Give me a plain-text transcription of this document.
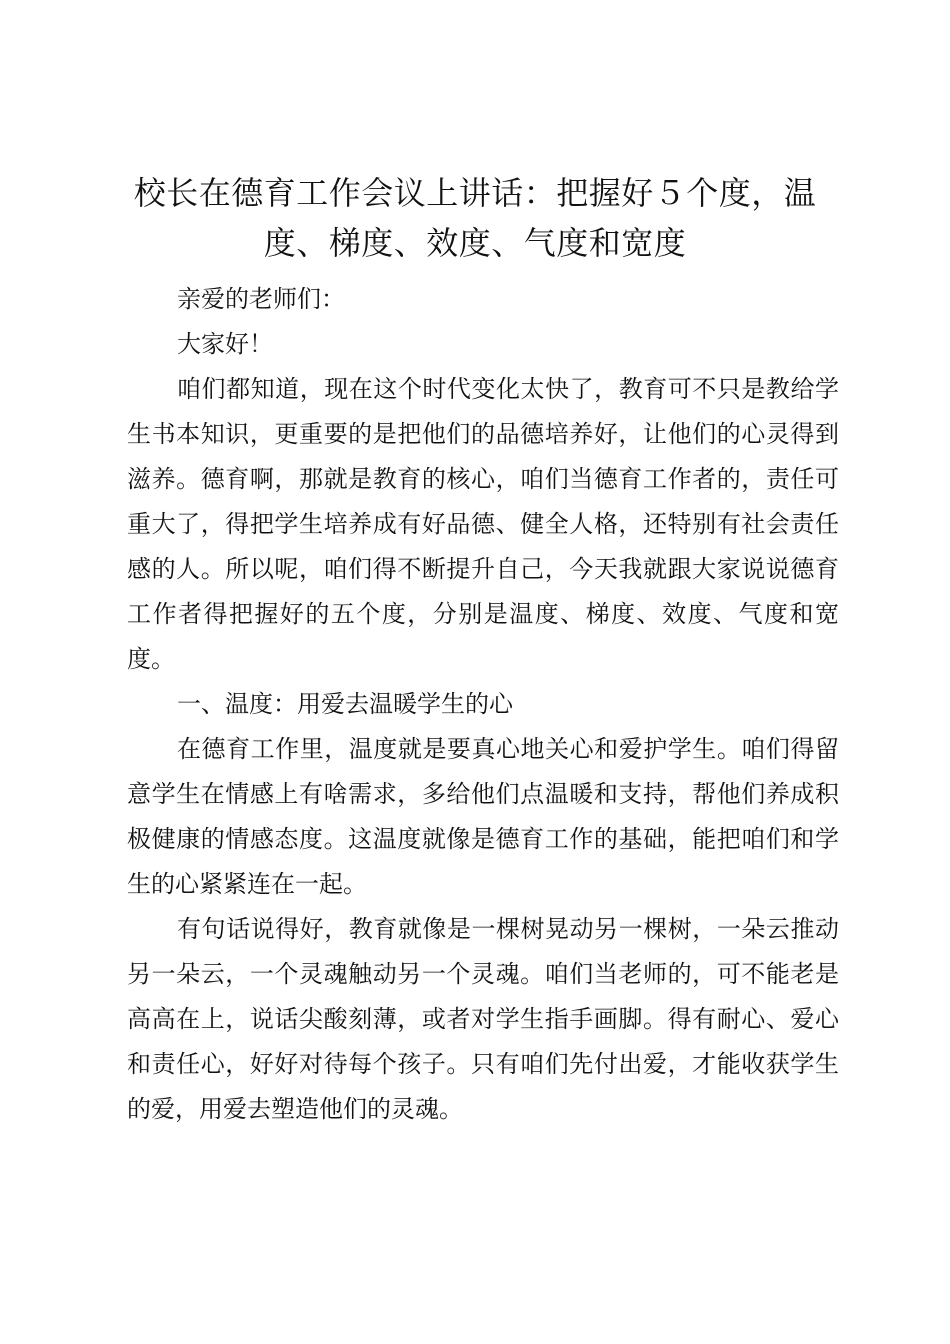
校长在德育工作会议上讲话：把握好５个度，温度、梯度、效度、气度和宽度

亲爱的老师们：

大家好！

咱们都知道，现在这个时代变化太快了，教育可不只是教给学生书本知识，更重要的是把他们的品德培养好，让他们的心灵得到滋养。德育啊，那就是教育的核心，咱们当德育工作者的，责任可重大了，得把学生培养成有好品德、健全人格，还特别有社会责任感的人。所以呢，咱们得不断提升自己，今天我就跟大家说说德育工作者得把握好的五个度，分别是温度、梯度、效度、气度和宽度。

一、温度：用爱去温暖学生的心

在德育工作里，温度就是要真心地关心和爱护学生。咱们得留意学生在情感上有啥需求，多给他们点温暖和支持，帮他们养成积极健康的情感态度。这温度就像是德育工作的基础，能把咱们和学生的心紧紧连在一起。

有句话说得好，教育就像是一棵树晃动另一棵树，一朵云推动另一朵云，一个灵魂触动另一个灵魂。咱们当老师的，可不能老是高高在上，说话尖酸刻薄，或者对学生指手画脚。得有耐心、爱心和责任心，好好对待每个孩子。只有咱们先付出爱，才能收获学生的爱，用爱去塑造他们的灵魂。
